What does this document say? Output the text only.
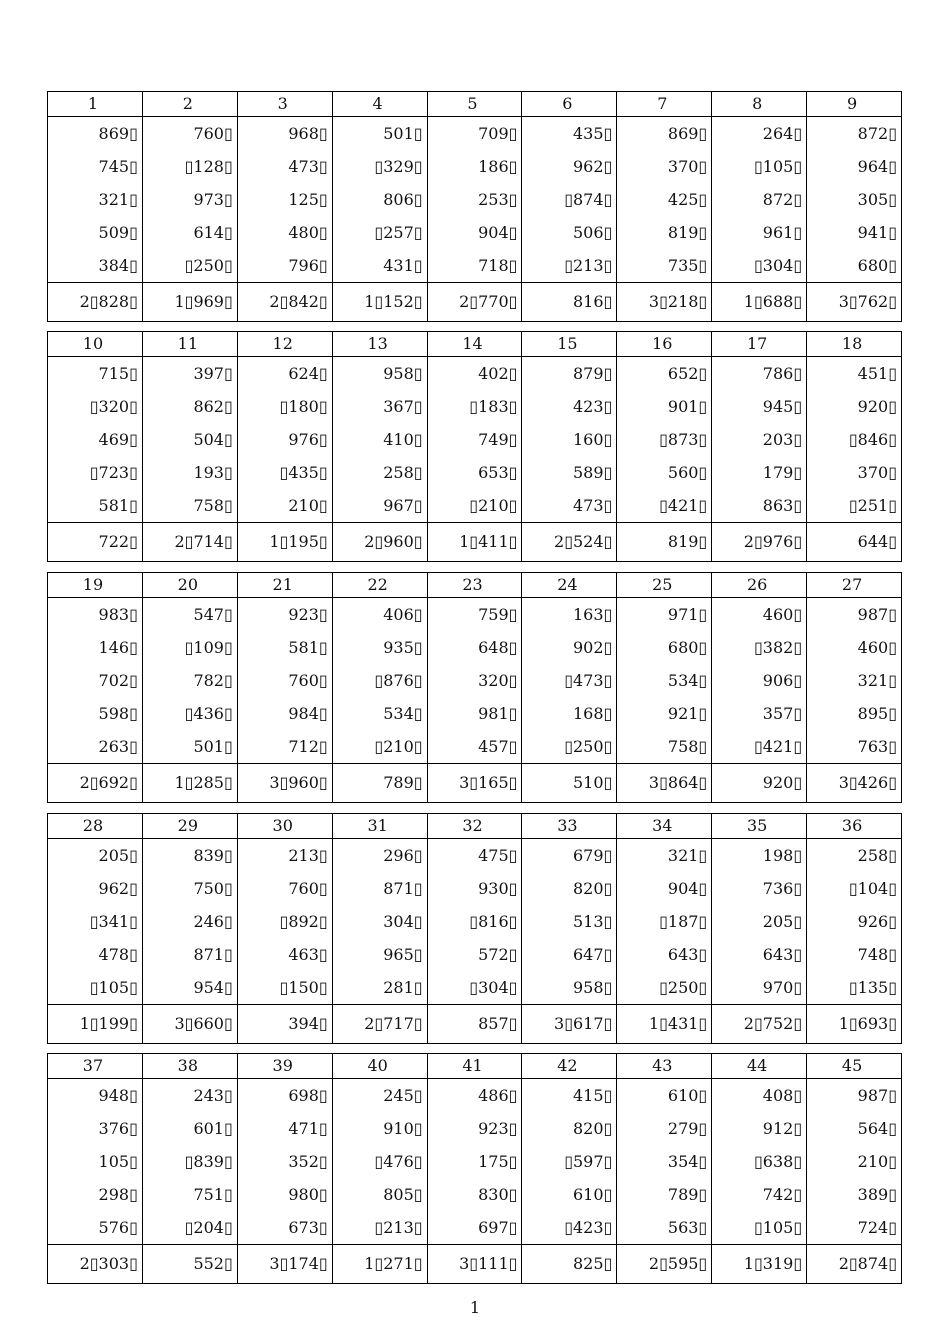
1	2	3	4	5	6	7	8	9
869▯	760▯	968▯	501▯	709▯	435▯	869▯	264▯	872▯
745▯	▯128▯	473▯	▯329▯	186▯	962▯	370▯	▯105▯	964▯
321▯	973▯	125▯	806▯	253▯	▯874▯	425▯	872▯	305▯
509▯	614▯	480▯	▯257▯	904▯	506▯	819▯	961▯	941▯
384▯	▯250▯	796▯	431▯	718▯	▯213▯	735▯	▯304▯	680▯
2▯828▯	1▯969▯	2▯842▯	1▯152▯	2▯770▯	816▯	3▯218▯	1▯688▯	3▯762▯
10	11	12	13	14	15	16	17	18
715▯	397▯	624▯	958▯	402▯	879▯	652▯	786▯	451▯
▯320▯	862▯	▯180▯	367▯	▯183▯	423▯	901▯	945▯	920▯
469▯	504▯	976▯	410▯	749▯	160▯	▯873▯	203▯	▯846▯
▯723▯	193▯	▯435▯	258▯	653▯	589▯	560▯	179▯	370▯
581▯	758▯	210▯	967▯	▯210▯	473▯	▯421▯	863▯	▯251▯
722▯	2▯714▯	1▯195▯	2▯960▯	1▯411▯	2▯524▯	819▯	2▯976▯	644▯
19	20	21	22	23	24	25	26	27
983▯	547▯	923▯	406▯	759▯	163▯	971▯	460▯	987▯
146▯	▯109▯	581▯	935▯	648▯	902▯	680▯	▯382▯	460▯
702▯	782▯	760▯	▯876▯	320▯	▯473▯	534▯	906▯	321▯
598▯	▯436▯	984▯	534▯	981▯	168▯	921▯	357▯	895▯
263▯	501▯	712▯	▯210▯	457▯	▯250▯	758▯	▯421▯	763▯
2▯692▯	1▯285▯	3▯960▯	789▯	3▯165▯	510▯	3▯864▯	920▯	3▯426▯
28	29	30	31	32	33	34	35	36
205▯	839▯	213▯	296▯	475▯	679▯	321▯	198▯	258▯
962▯	750▯	760▯	871▯	930▯	820▯	904▯	736▯	▯104▯
▯341▯	246▯	▯892▯	304▯	▯816▯	513▯	▯187▯	205▯	926▯
478▯	871▯	463▯	965▯	572▯	647▯	643▯	643▯	748▯
▯105▯	954▯	▯150▯	281▯	▯304▯	958▯	▯250▯	970▯	▯135▯
1▯199▯	3▯660▯	394▯	2▯717▯	857▯	3▯617▯	1▯431▯	2▯752▯	1▯693▯
37	38	39	40	41	42	43	44	45
948▯	243▯	698▯	245▯	486▯	415▯	610▯	408▯	987▯
376▯	601▯	471▯	910▯	923▯	820▯	279▯	912▯	564▯
105▯	▯839▯	352▯	▯476▯	175▯	▯597▯	354▯	▯638▯	210▯
298▯	751▯	980▯	805▯	830▯	610▯	789▯	742▯	389▯
576▯	▯204▯	673▯	▯213▯	697▯	▯423▯	563▯	▯105▯	724▯
2▯303▯	552▯	3▯174▯	1▯271▯	3▯111▯	825▯	2▯595▯	1▯319▯	2▯874▯
1
